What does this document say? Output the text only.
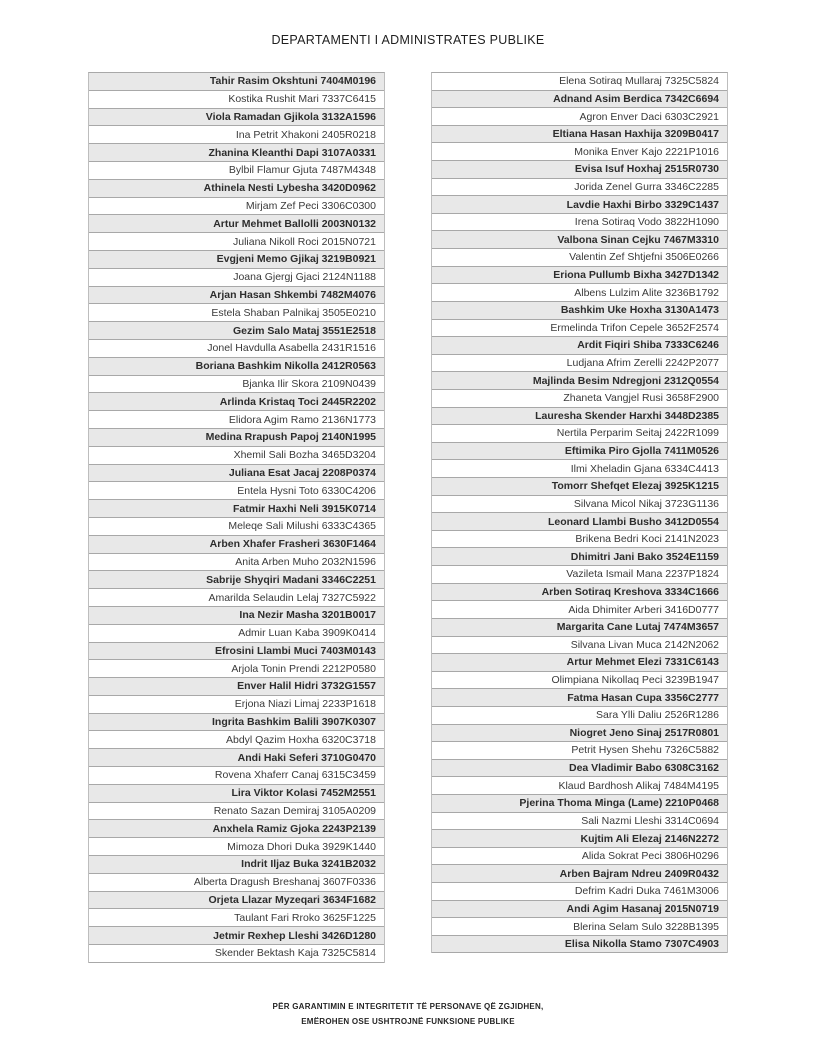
DEPARTAMENTI I ADMINISTRATES PUBLIKE
Tahir Rasim Okshtuni 7404M0196
Kostika Rushit Mari 7337C6415
Viola Ramadan Gjikola 3132A1596
Ina Petrit Xhakoni 2405R0218
Zhanina Kleanthi Dapi 3107A0331
Bylbil Flamur Gjuta 7487M4348
Athinela Nesti Lybesha 3420D0962
Mirjam Zef Peci 3306C0300
Artur Mehmet Ballolli 2003N0132
Juliana Nikoll Roci 2015N0721
Evgjeni Memo Gjikaj 3219B0921
Joana Gjergj Gjaci 2124N1188
Arjan Hasan Shkembi 7482M4076
Estela Shaban Palnikaj 3505E0210
Gezim Salo Mataj 3551E2518
Jonel Havdulla Asabella 2431R1516
Boriana Bashkim Nikolla 2412R0563
Bjanka Ilir Skora 2109N0439
Arlinda Kristaq Toci 2445R2202
Elidora Agim Ramo 2136N1773
Medina Rrapush Papoj 2140N1995
Xhemil Sali Bozha 3465D3204
Juliana Esat Jacaj 2208P0374
Entela Hysni Toto 6330C4206
Fatmir Haxhi Neli 3915K0714
Meleqe Sali Milushi 6333C4365
Arben Xhafer Frasheri 3630F1464
Anita Arben Muho 2032N1596
Sabrije Shyqiri Madani 3346C2251
Amarilda Selaudin Lelaj 7327C5922
Ina Nezir Masha 3201B0017
Admir Luan Kaba 3909K0414
Efrosini Llambi Muci 7403M0143
Arjola Tonin Prendi 2212P0580
Enver Halil Hidri 3732G1557
Erjona Niazi Limaj 2233P1618
Ingrita Bashkim Balili 3907K0307
Abdyl Qazim Hoxha 6320C3718
Andi Haki Seferi 3710G0470
Rovena Xhaferr Canaj 6315C3459
Lira Viktor Kolasi 7452M2551
Renato Sazan Demiraj 3105A0209
Anxhela Ramiz Gjoka 2243P2139
Mimoza Dhori Duka 3929K1440
Indrit Iljaz Buka 3241B2032
Alberta Dragush Breshanaj 3607F0336
Orjeta Llazar Myzeqari 3634F1682
Taulant Fari Rroko 3625F1225
Jetmir Rexhep Lleshi 3426D1280
Skender Bektash Kaja 7325C5814
Elena Sotiraq Mullaraj 7325C5824
Adnand Asim Berdica 7342C6694
Agron Enver Daci 6303C2921
Eltiana Hasan Haxhija 3209B0417
Monika Enver Kajo 2221P1016
Evisa Isuf Hoxhaj 2515R0730
Jorida Zenel Gurra 3346C2285
Lavdie Haxhi Birbo 3329C1437
Irena Sotiraq Vodo 3822H1090
Valbona Sinan Cejku 7467M3310
Valentin Zef Shtjefni 3506E0266
Eriona Pullumb Bixha 3427D1342
Albens Lulzim Alite 3236B1792
Bashkim Uke Hoxha 3130A1473
Ermelinda Trifon Cepele 3652F2574
Ardit Fiqiri Shiba 7333C6246
Ludjana Afrim Zerelli 2242P2077
Majlinda Besim Ndregjoni 2312Q0554
Zhaneta Vangjel Rusi 3658F2900
Lauresha Skender Harxhi 3448D2385
Nertila Perparim Seitaj 2422R1099
Eftimika Piro Gjolla 7411M0526
Ilmi Xheladin Gjana 6334C4413
Tomorr Shefqet Elezaj 3925K1215
Silvana Micol Nikaj 3723G1136
Leonard Llambi Busho 3412D0554
Brikena Bedri Koci 2141N2023
Dhimitri Jani Bako 3524E1159
Vazileta Ismail Mana 2237P1824
Arben Sotiraq Kreshova 3334C1666
Aida Dhimiter Arberi 3416D0777
Margarita Cane Lutaj 7474M3657
Silvana Livan Muca 2142N2062
Artur Mehmet Elezi 7331C6143
Olimpiana Nikollaq Peci 3239B1947
Fatma Hasan Cupa 3356C2777
Sara Ylli Daliu 2526R1286
Niogret Jeno Sinaj 2517R0801
Petrit Hysen Shehu 7326C5882
Dea Vladimir Babo 6308C3162
Klaud Bardhosh Alikaj 7484M4195
Pjerina Thoma Minga (Lame) 2210P0468
Sali Nazmi Lleshi 3314C0694
Kujtim Ali Elezaj 2146N2272
Alida Sokrat Peci 3806H0296
Arben Bajram Ndreu 2409R0432
Defrim Kadri Duka 7461M3006
Andi Agim Hasanaj 2015N0719
Blerina Selam Sulo 3228B1395
Elisa Nikolla Stamo 7307C4903
PËR GARANTIMIN E INTEGRITETIT TË PERSONAVE QË ZGJIDHEN,
EMËROHEN OSE USHTROJNË FUNKSIONE PUBLIKE
